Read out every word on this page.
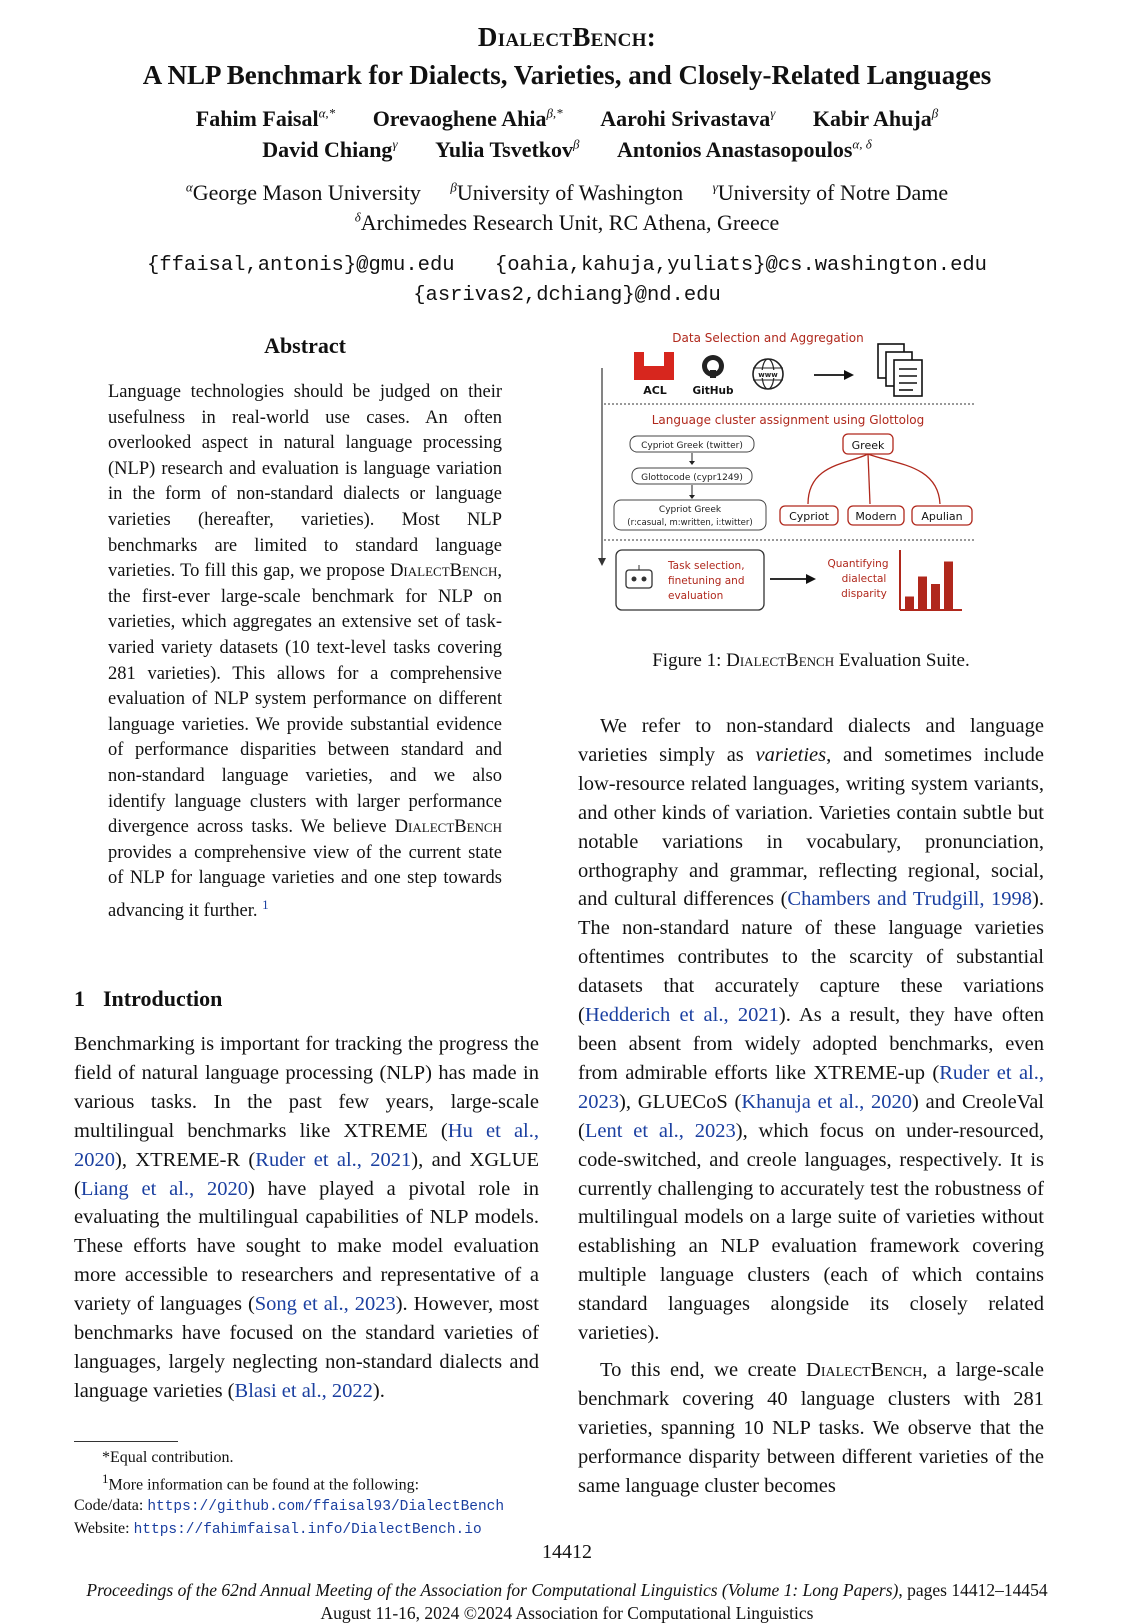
DialectBench:
A NLP Benchmark for Dialects, Varieties, and Closely-Related Languages
Fahim Faisal$^{\alpha,*}$ Orevaoghene Ahia$^{\beta,*}$ Aarohi Srivastava$^\gamma$ Kabir Ahuja$^\beta$
David Chiang$^\gamma$ Yulia Tsvetkov$^\beta$ Antonios Anastasopoulos$^{\alpha, \delta}$
$^\alpha$George Mason University $^\beta$University of Washington $^\gamma$University of Notre Dame
$^\delta$Archimedes Research Unit, RC Athena, Greece
{ffaisal,antonis}@gmu.edu {oahia,kahuja,yuliats}@cs.washington.edu
{asrivas2,dchiang}@nd.edu
Abstract
Language technologies should be judged on their usefulness in real-world use cases. An often overlooked aspect in natural language processing (NLP) research and evaluation is language variation in the form of non-standard dialects or language varieties (hereafter, varieties). Most NLP benchmarks are limited to standard language varieties. To fill this gap, we propose DialectBench, the first-ever large-scale benchmark for NLP on varieties, which aggregates an extensive set of task-varied variety datasets (10 text-level tasks covering 281 varieties). This allows for a comprehensive evaluation of NLP system performance on different language varieties. We provide substantial evidence of performance disparities between standard and non-standard language varieties, and we also identify language clusters with larger performance divergence across tasks. We believe DialectBench provides a comprehensive view of the current state of NLP for language varieties and one step towards advancing it further. $^1$
1 Introduction
Benchmarking is important for tracking the progress the field of natural language processing (NLP) has made in various tasks. In the past few years, large-scale multilingual benchmarks like XTREME (Hu et al., 2020), XTREME-R (Ruder et al., 2021), and XGLUE (Liang et al., 2020) have played a pivotal role in evaluating the multilingual capabilities of NLP models. These efforts have sought to make model evaluation more accessible to researchers and representative of a variety of languages (Song et al., 2023). However, most benchmarks have focused on the standard varieties of languages, largely neglecting non-standard dialects and language varieties (Blasi et al., 2022).
*Equal contribution.
$^1$More information can be found at the following:
Code/data: https://github.com/ffaisal93/DialectBench
Website: https://fahimfaisal.info/DialectBench.io
Data Selection and Aggregation
ACL GitHub
www
Language cluster assignment using Glottolog
Cypriot Greek (twitter)
Glottocode (cypr1249)
Cypriot Greek
(r:casual, m:written, i:twitter)
Greek
Cypriot Modern Apulian
Task selection,
finetuning and
evaluation
Quantifying
dialectal
disparity
Figure 1: DialectBench Evaluation Suite.

We refer to non-standard dialects and language varieties simply as varieties, and sometimes include low-resource related languages, writing system variants, and other kinds of variation. Varieties contain subtle but notable variations in vocabulary, pronunciation, orthography and grammar, reflecting regional, social, and cultural differences (Chambers and Trudgill, 1998). The non-standard nature of these language varieties oftentimes contributes to the scarcity of substantial datasets that accurately capture these variations (Hedderich et al., 2021). As a result, they have often been absent from widely adopted benchmarks, even from admirable efforts like XTREME-up (Ruder et al., 2023), GLUECoS (Khanuja et al., 2020) and CreoleVal (Lent et al., 2023), which focus on under-resourced, code-switched, and creole languages, respectively. It is currently challenging to accurately test the robustness of multilingual models on a large suite of varieties without establishing an NLP evaluation framework covering multiple language clusters (each of which contains standard languages alongside its closely related varieties).

To this end, we create DialectBench, a large-scale benchmark covering 40 language clusters with 281 varieties, spanning 10 NLP tasks. We observe that the performance disparity between different varieties of the same language cluster becomes

14412
Proceedings of the 62nd Annual Meeting of the Association for Computational Linguistics (Volume 1: Long Papers), pages 14412–14454
August 11-16, 2024 ©2024 Association for Computational Linguistics
